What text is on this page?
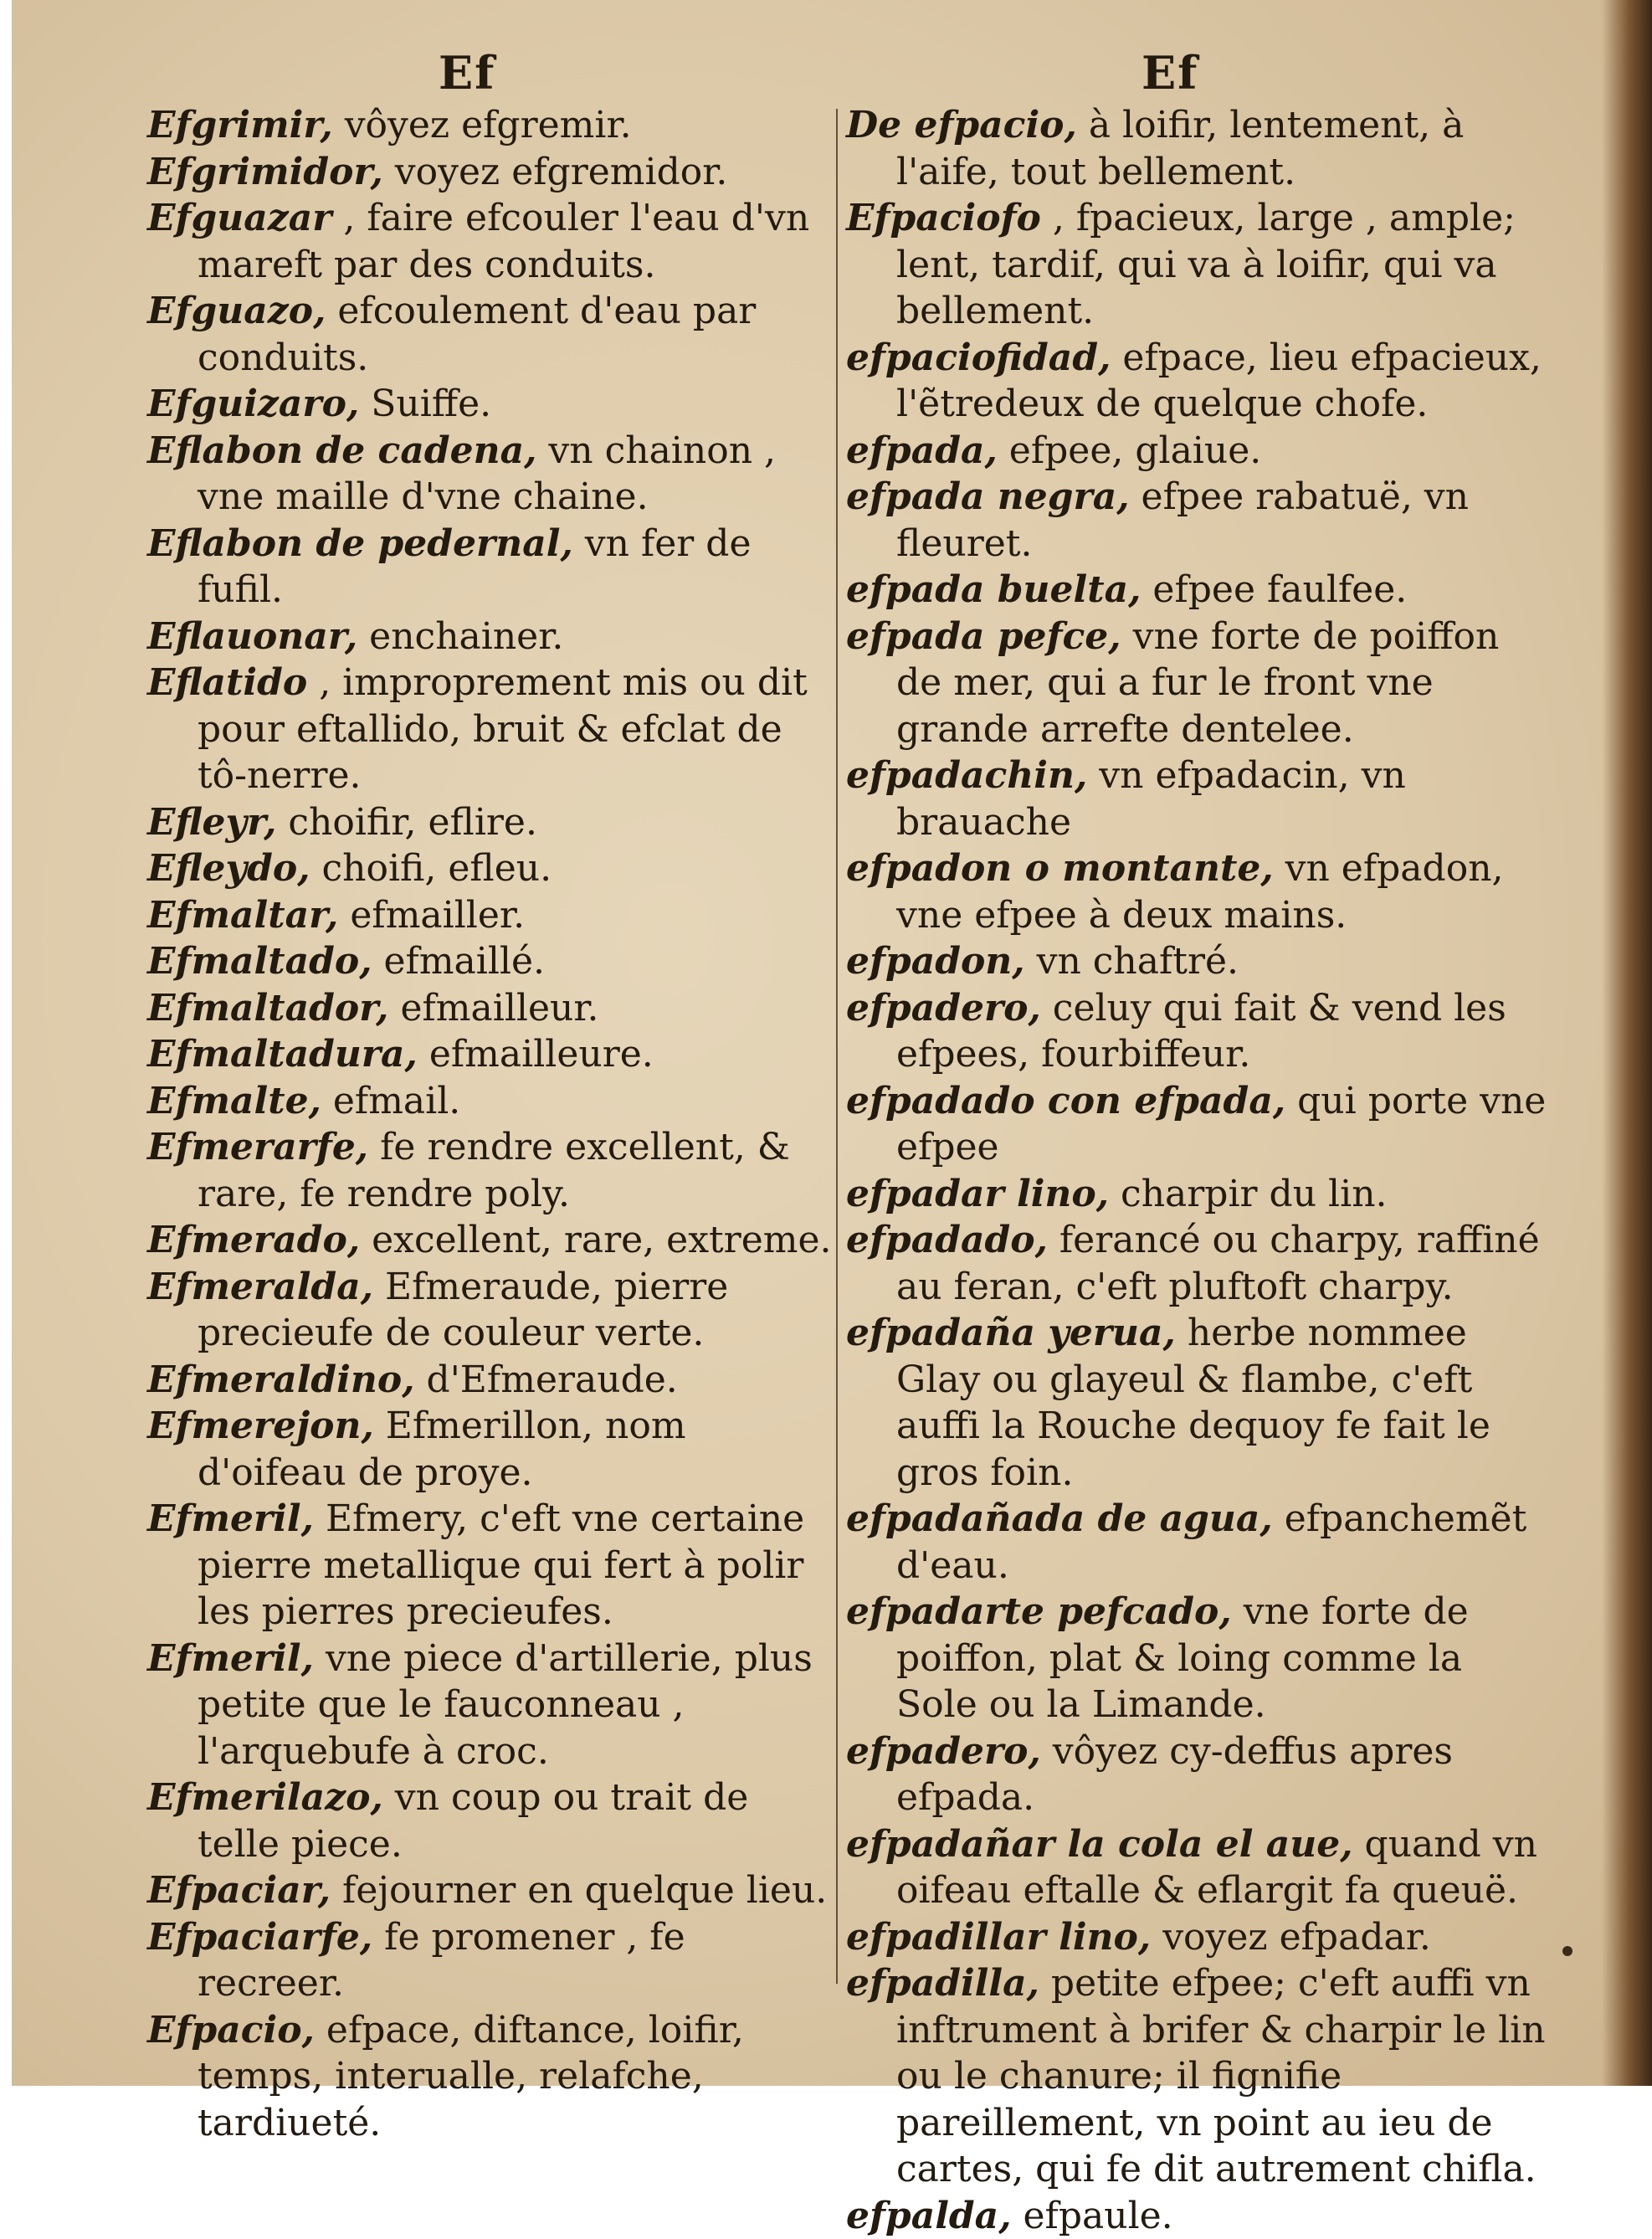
Ef	Ef

Efgrimir, vôyez efgremir.

Efgrimidor, voyez efgremidor.

Efguazar , faire efcouler l'eau d'vn mareft par des conduits.

Efguazo, efcoulement d'eau par conduits.

Efguizaro, Suiffe.

Eflabon de cadena, vn chainon , vne maille d'vne chaine.

Eflabon de pedernal, vn fer de fufil.

Eflauonar, enchainer.

Eflatido , improprement mis ou dit pour eftallido, bruit & efclat de tô-nerre.

Efleyr, choifir, eflire.

Efleydo, choifi, efleu.

Efmaltar, efmailler.

Efmaltado, efmaillé.

Efmaltador, efmailleur.

Efmaltadura, efmailleure.

Efmalte, efmail.

Efmerarfe, fe rendre excellent, & rare, fe rendre poly.

Efmerado, excellent, rare, extreme.

Efmeralda, Efmeraude, pierre precieufe de couleur verte.

Efmeraldino, d'Efmeraude.

Efmerejon, Efmerillon, nom d'oifeau de proye.

Efmeril, Efmery, c'eft vne certaine pierre metallique qui fert à polir les pierres precieufes.

Efmeril, vne piece d'artillerie, plus petite que le fauconneau , l'arquebufe à croc.

Efmerilazo, vn coup ou trait de telle piece.

Efpaciar, fejourner en quelque lieu.

Efpaciarfe, fe promener , fe recreer.

Efpacio, efpace, diftance, loifir, temps, interualle, relafche, tardiueté.

De efpacio, à loifir, lentement, à l'aife, tout bellement.

Efpaciofo , fpacieux, large , ample; lent, tardif, qui va à loifir, qui va bellement.

efpaciofidad, efpace, lieu efpacieux, l'ẽtredeux de quelque chofe.

efpada, efpee, glaiue.

efpada negra, efpee rabatuë, vn fleuret.

efpada buelta, efpee faulfee.

efpada pefce, vne forte de poiffon de mer, qui a fur le front vne grande arrefte dentelee.

efpadachin, vn efpadacin, vn brauache

efpadon o montante, vn efpadon, vne efpee à deux mains.

efpadon, vn chaftré.

efpadero, celuy qui fait & vend les efpees, fourbiffeur.

efpadado con efpada, qui porte vne efpee

efpadar lino, charpir du lin.

efpadado, ferancé ou charpy, raffiné au feran, c'eft pluftoft charpy.

efpadaña yerua, herbe nommee Glay ou glayeul & flambe, c'eft auffi la Rouche dequoy fe fait le gros foin.

efpadañada de agua, efpanchemẽt d'eau.

efpadarte pefcado, vne forte de poiffon, plat & loing comme la Sole ou la Limande.

efpadero, vôyez cy-deffus apres efpada.

efpadañar la cola el aue, quand vn oifeau eftalle & eflargit fa queuë.

efpadillar lino, voyez efpadar.

efpadilla, petite efpee; c'eft auffi vn inftrument à brifer & charpir le lin ou le chanure; il fignifie pareillement, vn point au ieu de cartes, qui fe dit autrement chifla.

efpalda, efpaule.
